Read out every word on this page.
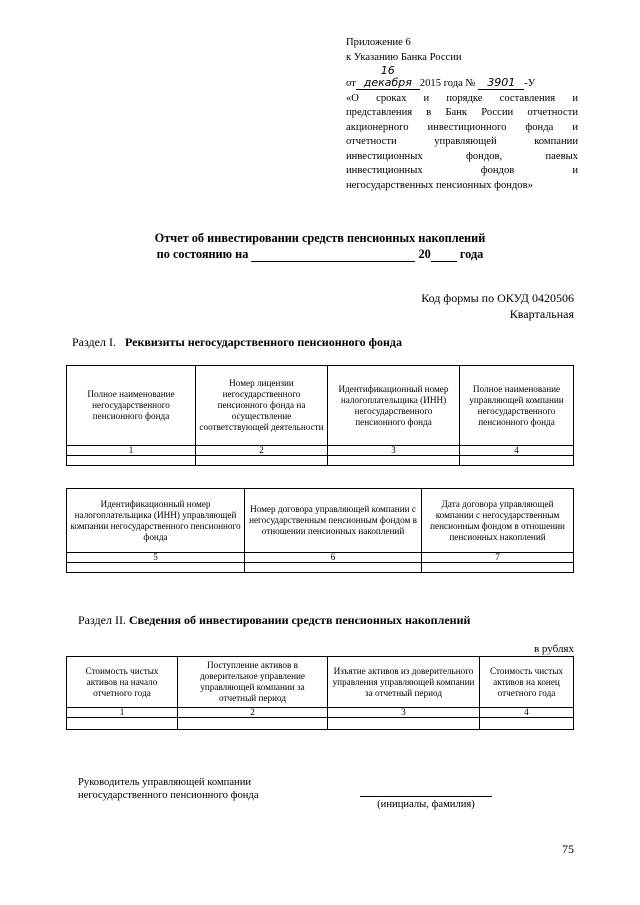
Приложение 6
к Указанию Банка России
от16 декабря 2015 года № 3901 -У
«О сроках и порядке составления и
представления в Банк России отчетности
акционерного инвестиционного фонда и
отчетности управляющей компании
инвестиционных фондов, паевых
инвестиционных фондов и
негосударственных пенсионных фондов»
Отчет об инвестировании средств пенсионных накоплений
по состоянию на	20 года
Код формы по ОКУД 0420506
Квартальная
Раздел I. Реквизиты негосударственного пенсионного фонда
Полное наименование негосударственного пенсионного фонда	Номер лицензии негосударственного пенсионного фонда на осуществление соответствующей деятельности	Идентификационный номер налогоплательщика (ИНН) негосударственного пенсионного фонда	Полное наименование управляющей компании негосударственного пенсионного фонда
1	2	3	4

Идентификационный номер налогоплательщика (ИНН) управляющей компании негосударственного пенсионного фонда	Номер договора управляющей компании с негосударственным пенсионным фондом в отношении пенсионных накоплений	Дата договора управляющей компании с негосударственным пенсионным фондом в отношении пенсионных накоплений
5	6	7

Раздел II. Сведения об инвестировании средств пенсионных накоплений
в рублях
Стоимость чистых активов на начало отчетного года	Поступление активов в доверительное управление управляющей компании за отчетный период	Изъятие активов из доверительного управления управляющей компании за отчетный период	Стоимость чистых активов на конец отчетного года
1	2	3	4

Руководитель управляющей компании
негосударственного пенсионного фонда
(инициалы, фамилия)
75
